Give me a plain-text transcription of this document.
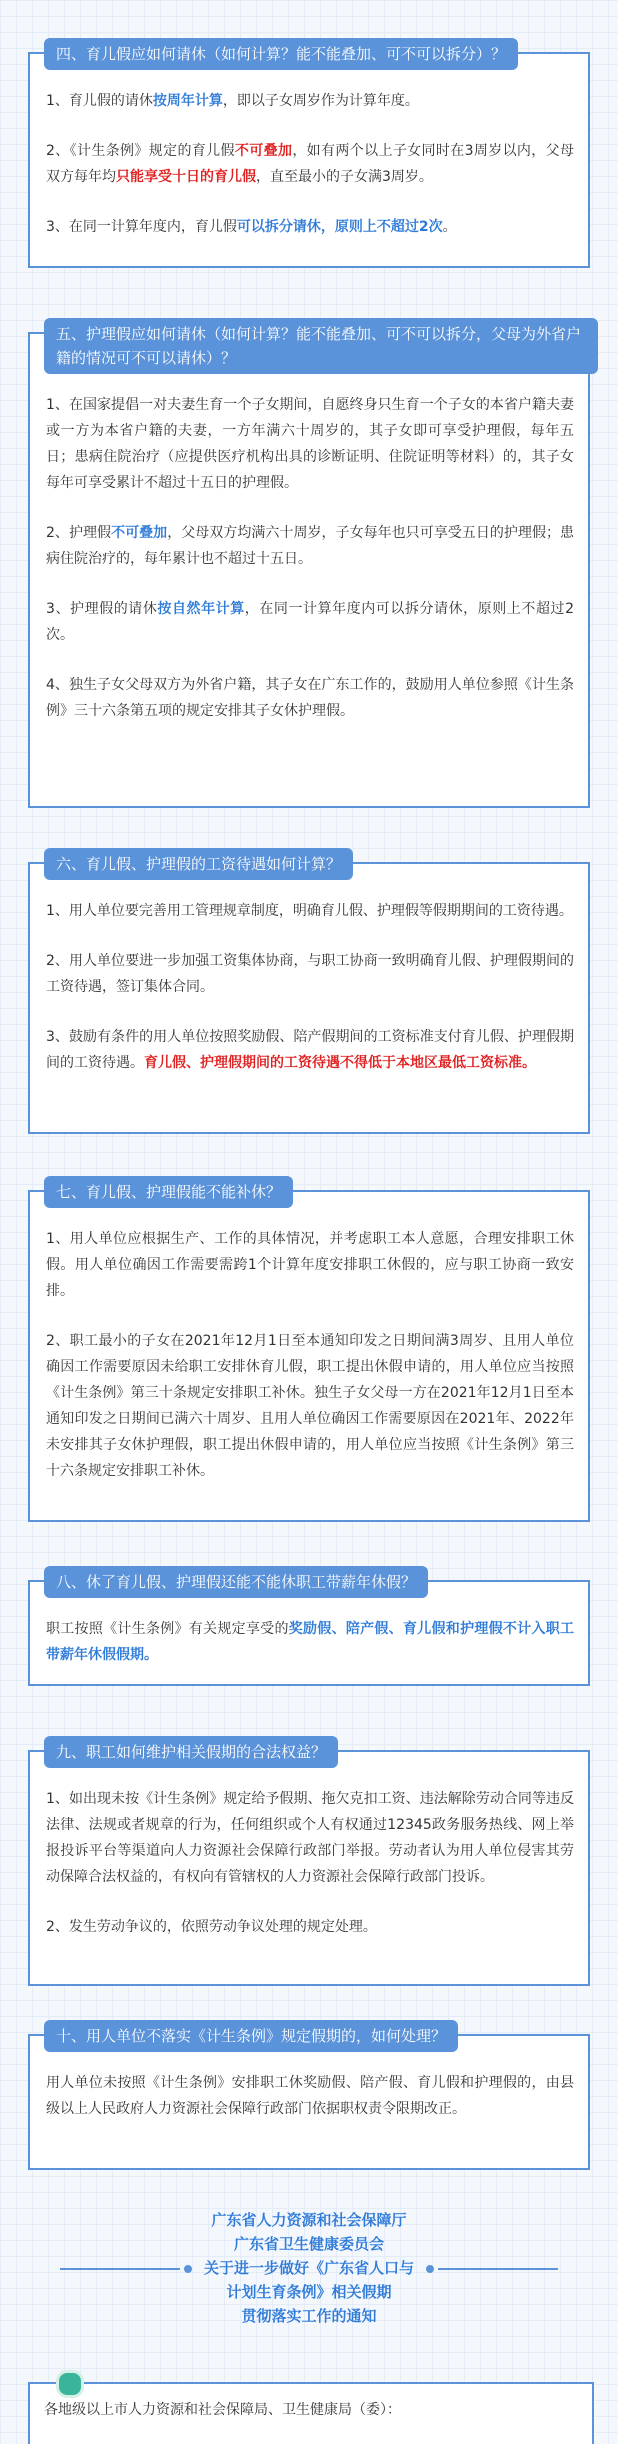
四、育儿假应如何请休（如何计算？能不能叠加、可不可以拆分）？

1、育儿假的请休按周年计算，即以子女周岁作为计算年度。

2、《计生条例》规定的育儿假不可叠加，如有两个以上子女同时在3周岁以内，父母双方每年均只能享受十日的育儿假，直至最小的子女满3周岁。

3、在同一计算年度内，育儿假可以拆分请休，原则上不超过2次。

五、护理假应如何请休（如何计算？能不能叠加、可不可以拆分，父母为外省户籍的情况可不可以请休）？

1、在国家提倡一对夫妻生育一个子女期间，自愿终身只生育一个子女的本省户籍夫妻或一方为本省户籍的夫妻，一方年满六十周岁的，其子女即可享受护理假，每年五日；患病住院治疗（应提供医疗机构出具的诊断证明、住院证明等材料）的，其子女每年可享受累计不超过十五日的护理假。

2、护理假不可叠加，父母双方均满六十周岁，子女每年也只可享受五日的护理假；患病住院治疗的，每年累计也不超过十五日。

3、护理假的请休按自然年计算，在同一计算年度内可以拆分请休，原则上不超过2次。

4、独生子女父母双方为外省户籍，其子女在广东工作的，鼓励用人单位参照《计生条例》三十六条第五项的规定安排其子女休护理假。

六、育儿假、护理假的工资待遇如何计算？

1、用人单位要完善用工管理规章制度，明确育儿假、护理假等假期期间的工资待遇。

2、用人单位要进一步加强工资集体协商，与职工协商一致明确育儿假、护理假期间的工资待遇，签订集体合同。

3、鼓励有条件的用人单位按照奖励假、陪产假期间的工资标准支付育儿假、护理假期间的工资待遇。育儿假、护理假期间的工资待遇不得低于本地区最低工资标准。

七、育儿假、护理假能不能补休？

1、用人单位应根据生产、工作的具体情况，并考虑职工本人意愿，合理安排职工休假。用人单位确因工作需要需跨1个计算年度安排职工休假的，应与职工协商一致安排。

2、职工最小的子女在2021年12月1日至本通知印发之日期间满3周岁、且用人单位确因工作需要原因未给职工安排休育儿假，职工提出休假申请的，用人单位应当按照《计生条例》第三十条规定安排职工补休。独生子女父母一方在2021年12月1日至本通知印发之日期间已满六十周岁、且用人单位确因工作需要原因在2021年、2022年未安排其子女休护理假，职工提出休假申请的，用人单位应当按照《计生条例》第三十六条规定安排职工补休。

八、休了育儿假、护理假还能不能休职工带薪年休假？

职工按照《计生条例》有关规定享受的奖励假、陪产假、育儿假和护理假不计入职工带薪年休假假期。

九、职工如何维护相关假期的合法权益？

1、如出现未按《计生条例》规定给予假期、拖欠克扣工资、违法解除劳动合同等违反法律、法规或者规章的行为，任何组织或个人有权通过12345政务服务热线、网上举报投诉平台等渠道向人力资源社会保障行政部门举报。劳动者认为用人单位侵害其劳动保障合法权益的，有权向有管辖权的人力资源社会保障行政部门投诉。

2、发生劳动争议的，依照劳动争议处理的规定处理。

十、用人单位不落实《计生条例》规定假期的，如何处理？

用人单位未按照《计生条例》安排职工休奖励假、陪产假、育儿假和护理假的，由县级以上人民政府人力资源社会保障行政部门依据职权责令限期改正。

广东省人力资源和社会保障厅
广东省卫生健康委员会
关于进一步做好《广东省人口与
计划生育条例》相关假期
贯彻落实工作的通知
各地级以上市人力资源和社会保障局、卫生健康局（委）：
